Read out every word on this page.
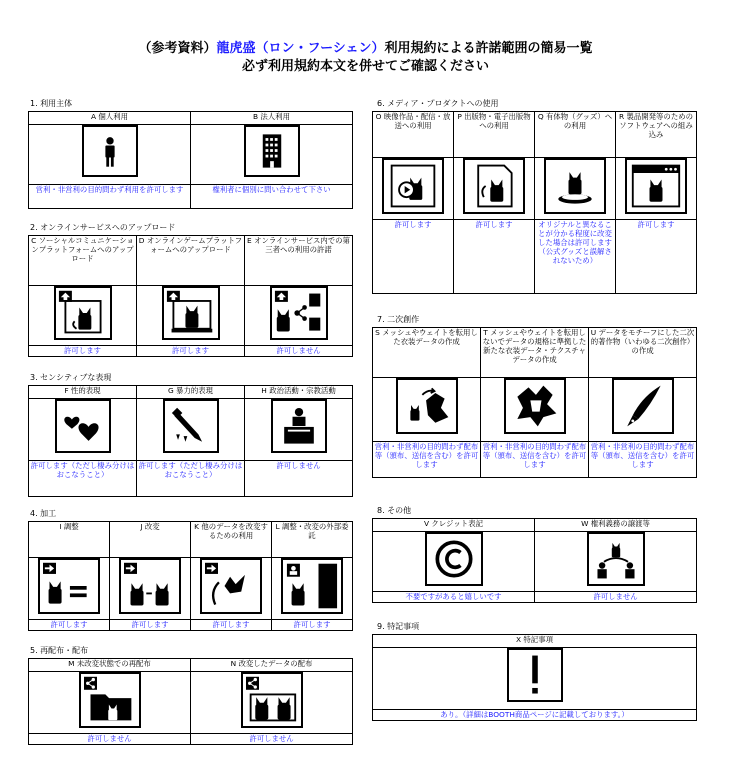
（参考資料）龍虎盛（ロン・フーシェン）利用規約による許諾範囲の簡易一覧
必ず利用規約本文を併せてご確認ください
1. 利用主体
A 個人利用	B 法人利用

営利・非営利の目的問わず利用を許可します	権利者に個別に問い合わせて下さい
2. オンラインサービスへのアップロード
C ソーシャルコミュニケーションプラットフォームへのアップロード	D オンラインゲームプラットフォームへのアップロード	E オンラインサービス内での第三者への利用の許諾

許可します	許可します	許可しません
3. センシティブな表現
F 性的表現	G 暴力的表現	H 政治活動・宗教活動

許可します（ただし棲み分けはおこなうこと）	許可します（ただし棲み分けはおこなうこと）	許可しません
4. 加工
I 調整	J 改変	K 他のデータを改変するための利用	L 調整・改変の外部委託

許可します	許可します	許可します	許可します
5. 再配布・配布
M 未改変状態での再配布	N 改変したデータの配布

許可しません	許可しません
6. メディア・プロダクトへの使用
O 映像作品・配信・放送への利用	P 出版物・電子出版物への利用	Q 有体物（グッズ）への利用	R 製品開発等のためのソフトウェアへの組み込み

許可します	許可します	オリジナルと異なることが分かる程度に改変した場合は許可します（公式グッズと誤解されないため）	許可します
7. 二次創作
S メッシュやウェイトを転用した衣装データの作成	T メッシュやウェイトを転用しないでデータの規格に準拠した新たな衣装データ・テクスチャデータの作成	U データをモチーフにした二次的著作物（いわゆる二次創作）の作成

営利・非営利の目的問わず配布等（頒布、送信を含む）を許可します	営利・非営利の目的問わず配布等（頒布、送信を含む）を許可します	営利・非営利の目的問わず配布等（頒布、送信を含む）を許可します
8. その他
V クレジット表記	W 権利義務の譲渡等

不要ですがあると嬉しいです	許可しません
9. 特記事項
X 特記事項

あり。（詳細はBOOTH商品ページに記載しております。）
